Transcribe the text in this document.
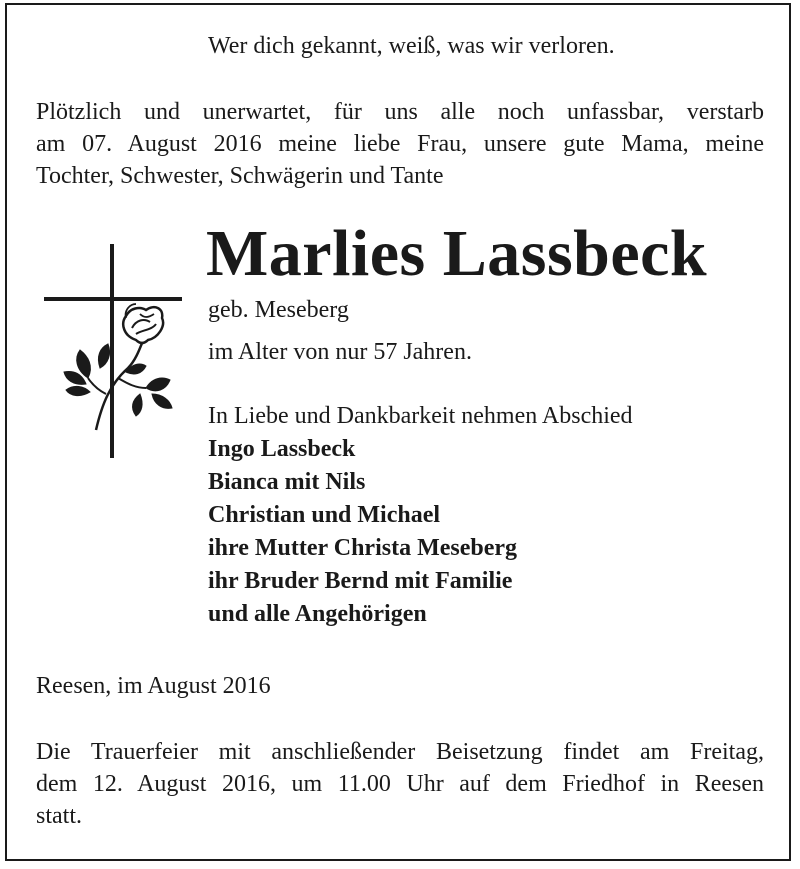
Wer dich gekannt, weiß, was wir verloren.
Plötzlich und unerwartet, für uns alle noch unfassbar, verstarb
am 07. August 2016 meine liebe Frau, unsere gute Mama, meine
Tochter, Schwester, Schwägerin und Tante
Marlies Lassbeck
geb. Meseberg
im Alter von nur 57 Jahren.
In Liebe und Dankbarkeit nehmen Abschied
Ingo Lassbeck
Bianca mit Nils
Christian und Michael
ihre Mutter Christa Meseberg
ihr Bruder Bernd mit Familie
und alle Angehörigen
Reesen, im August 2016
Die Trauerfeier mit anschließender Beisetzung findet am Freitag,
dem 12. August 2016, um 11.00 Uhr auf dem Friedhof in Reesen
statt.
